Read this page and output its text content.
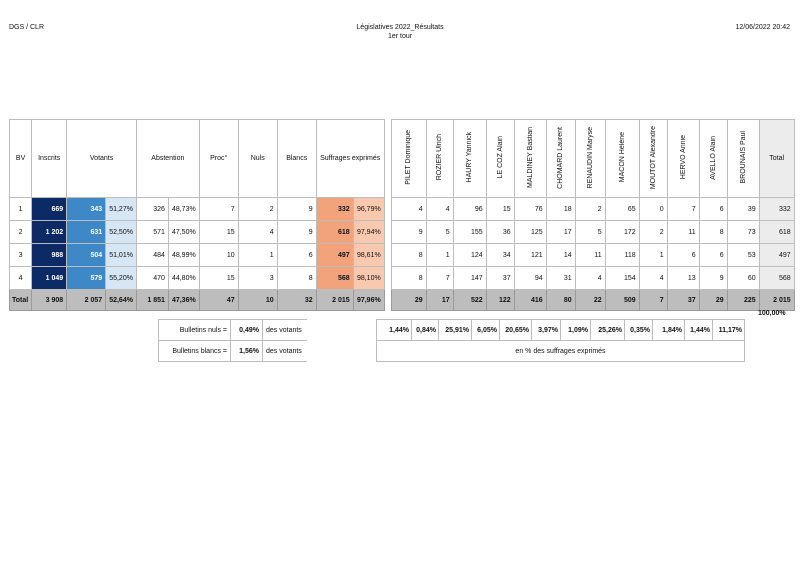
DGS / CLR	Législatives 2022_Résultats
1er tour
12/06/2022 20:42
BV	Inscrits	Votants		Abstention		Proc°	Nuls	Blancs	Suffrages exprimés			PILET Dominique	ROZIER Ulrich	HAURY Yannick	LE COZ Alain	MALDINEY Bastian	CHOMARD Laurent	RENAUDIN Maryse	MACON Hélène	MOUTOT Alexandre	HERVO Annie	AVELLO Alain	BROUNAIS Paul	Total
1	669	343	51,27%	326	48,73%	7	2	9	332	96,79%		4	4	96	15	76	18	2	65	0	7	6	39	332
2	1 202	631	52,50%	571	47,50%	15	4	9	618	97,94%		9	5	155	36	125	17	5	172	2	11	8	73	618
3	988	504	51,01%	484	48,99%	10	1	6	497	98,61%		8	1	124	34	121	14	11	118	1	6	6	53	497
4	1 049	579	55,20%	470	44,80%	15	3	8	568	98,10%		8	7	147	37	94	31	4	154	4	13	9	60	568
Total	3 908	2 057	52,64%	1 851	47,36%	47	10	32	2 015	97,96%		29	17	522	122	416	80	22	509	7	37	29	225	2 015
100,00%
Bulletins nuls =	0,49%	des votants
Bulletins blancs =	1,56%	des votants
1,44%	0,84%	25,91%	6,05%	20,65%	3,97%	1,09%	25,26%	0,35%	1,84%	1,44%	11,17%
en % des suffrages exprimés
